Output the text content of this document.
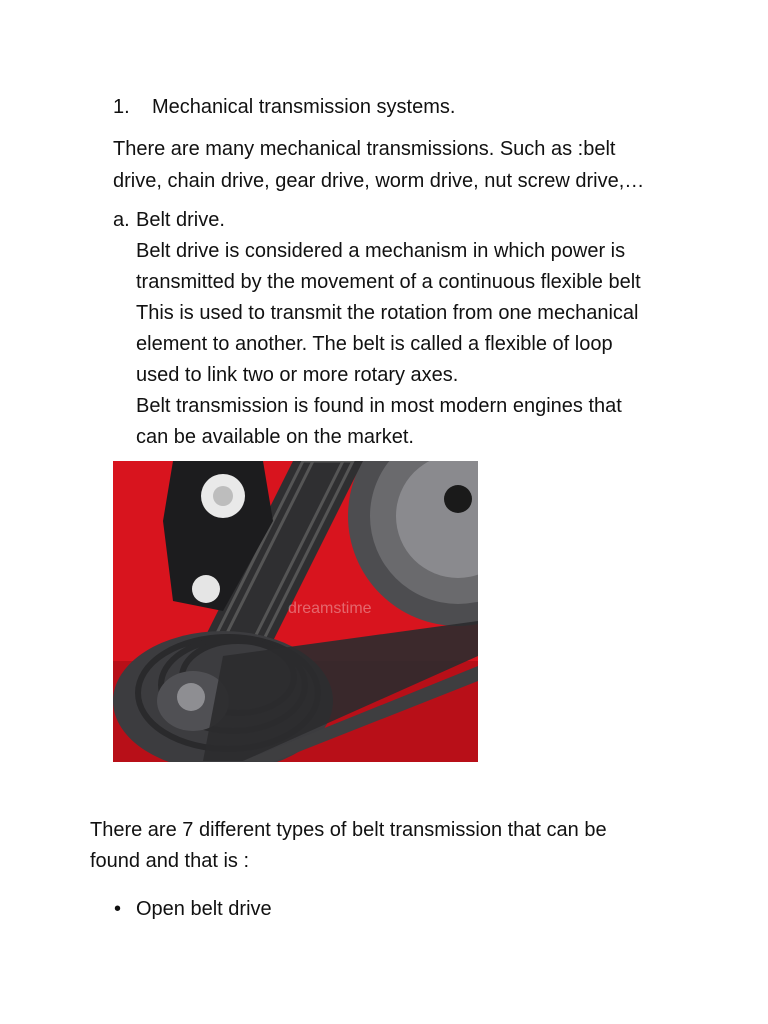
1. Mechanical transmission systems.
There are many mechanical transmissions. Such as :belt
drive, chain drive, gear drive, worm drive, nut screw drive,…
a. Belt drive.
Belt drive is considered a mechanism in which power is
transmitted by the movement of a continuous flexible belt
This is used to transmit the rotation from one mechanical
element to another. The belt is called a flexible of loop
used to link two or more rotary axes.
Belt transmission is found in most modern engines that
can be available on the market.
dreamstime
There are 7 different types of belt transmission that can be
found and that is :
• Open belt drive
